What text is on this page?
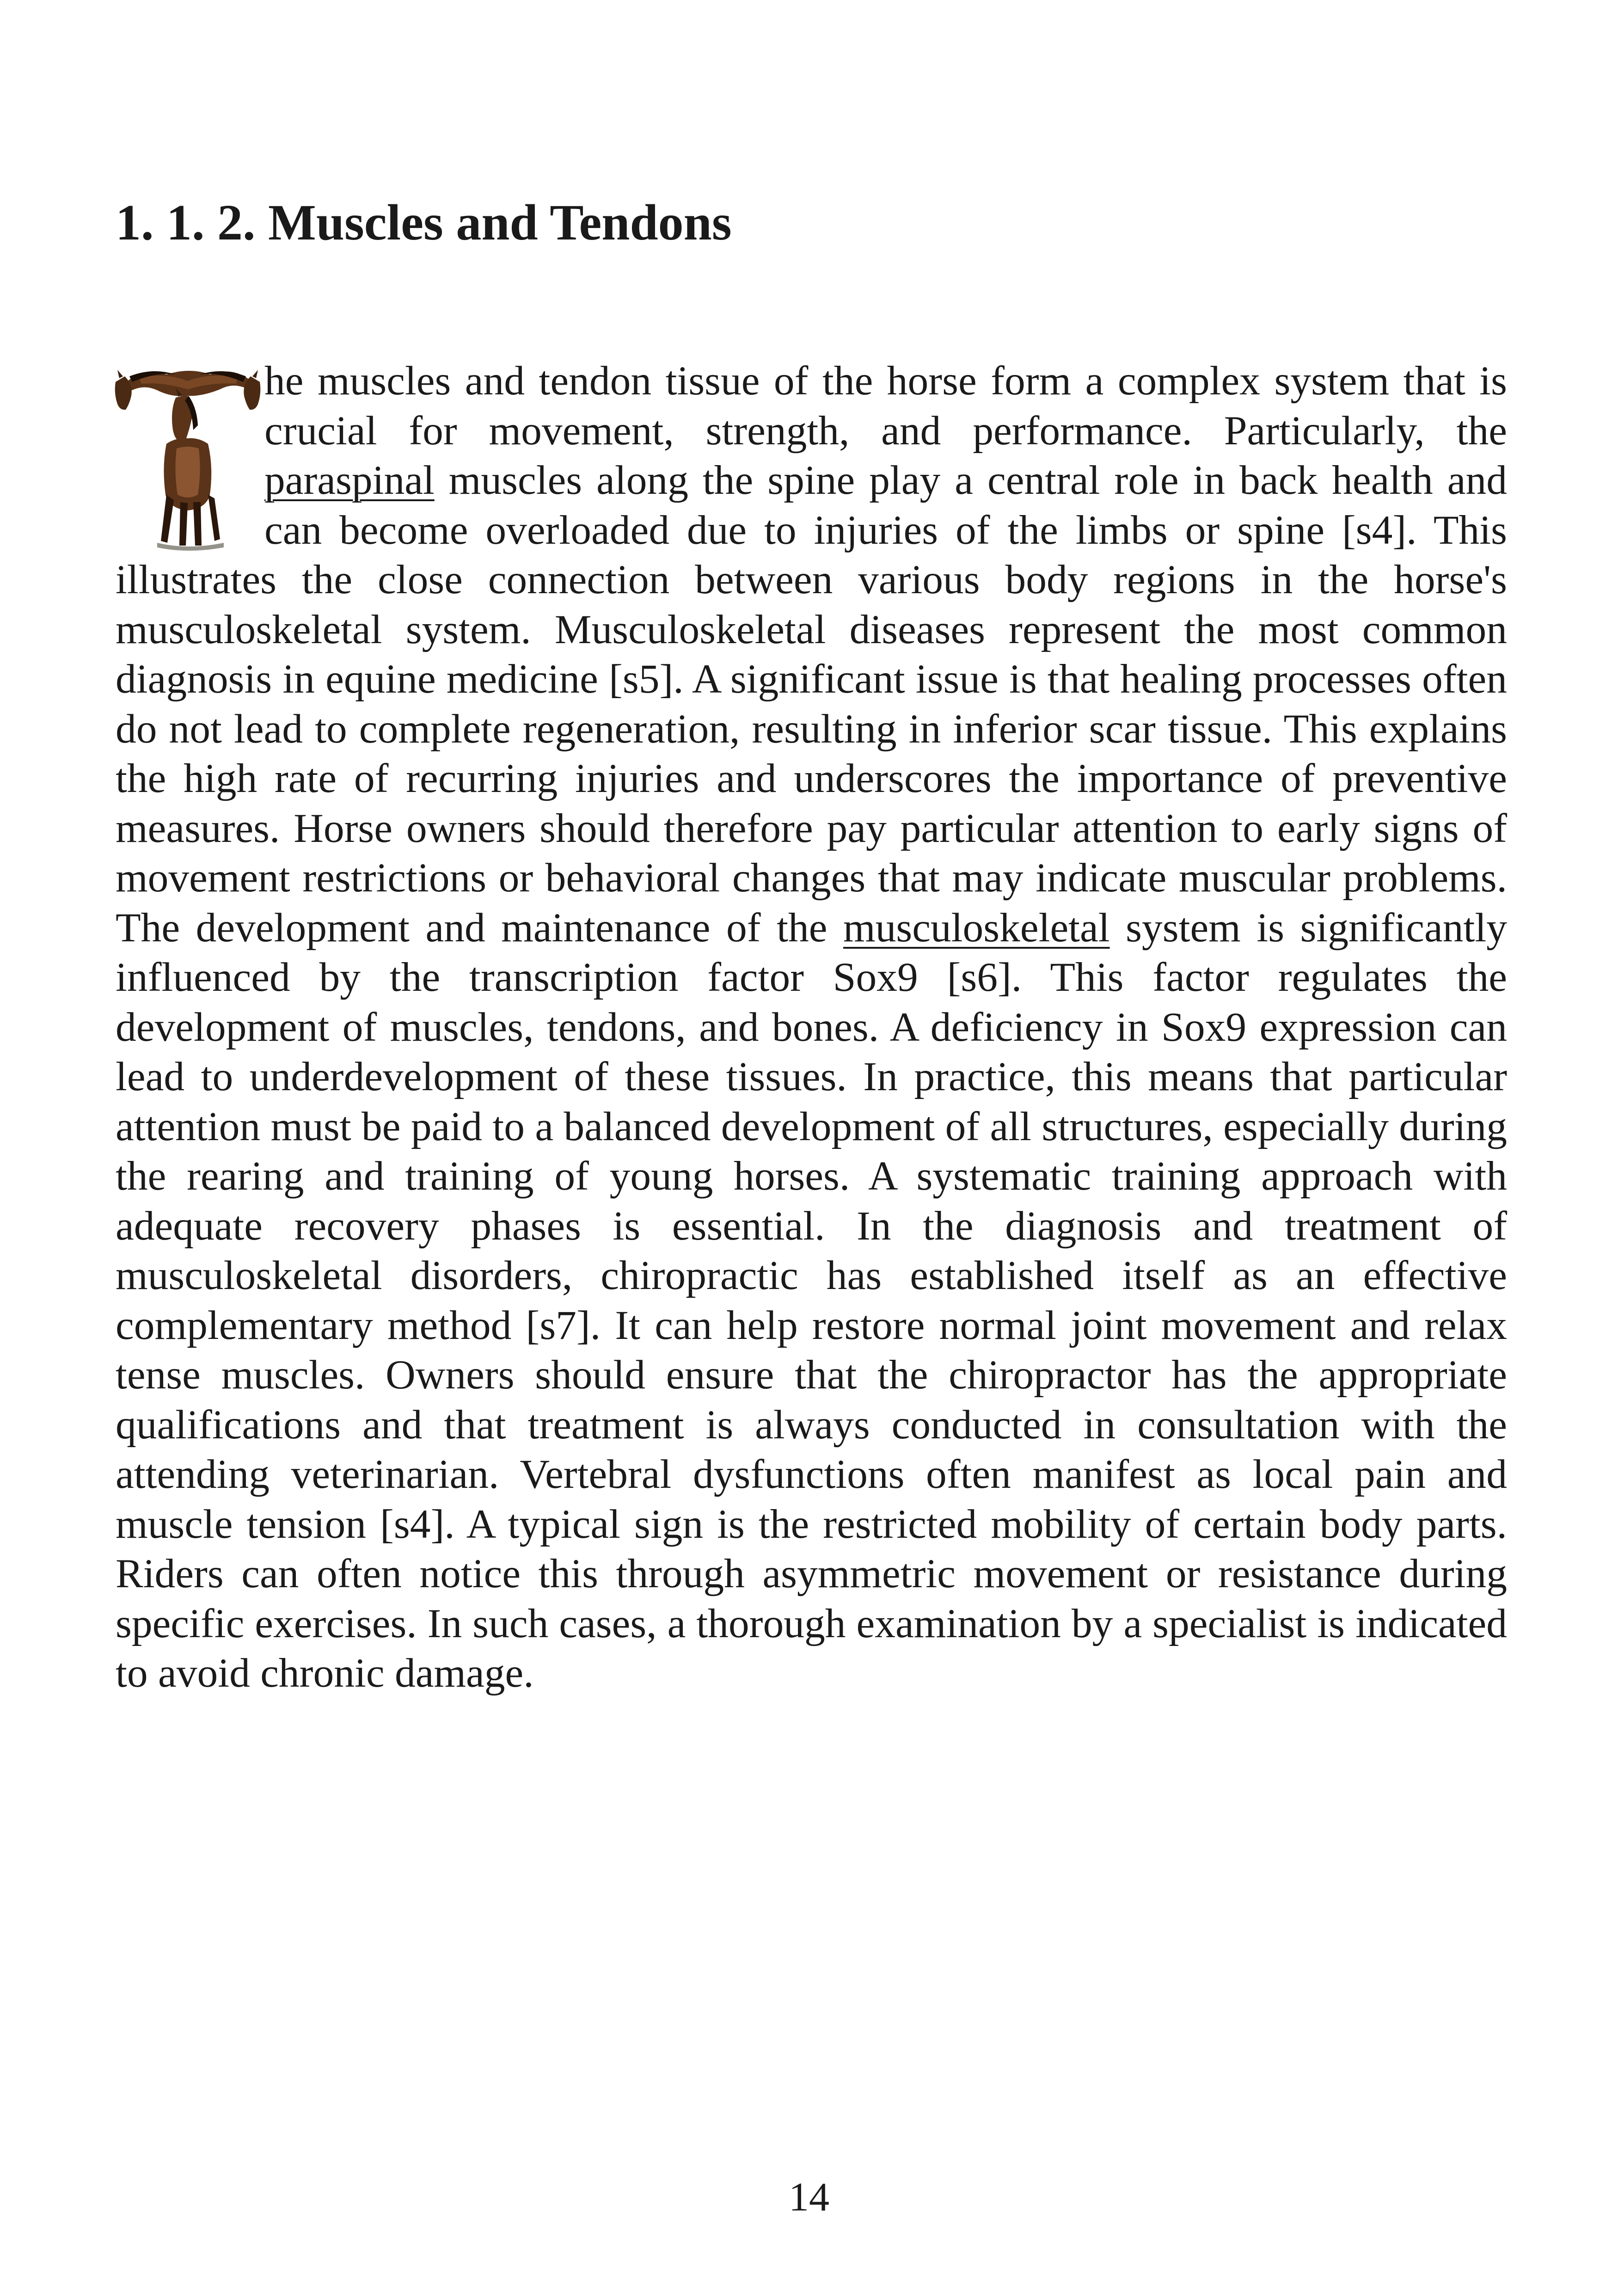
1. 1. 2. Muscles and Tendons

he muscles and tendon tissue of the horse form a complex system that is crucial for movement, strength, and performance. Particularly, the paraspinal muscles along the spine play a central role in back health and can become overloaded due to injuries of the limbs or spine [s4]. This illustrates the close connection between various body regions in the horse's musculoskeletal system. Musculoskeletal diseases represent the most common diagnosis in equine medicine [s5]. A significant issue is that healing processes often do not lead to complete regeneration, resulting in inferior scar tissue. This explains the high rate of recurring injuries and underscores the importance of preventive measures. Horse owners should therefore pay particular attention to early signs of movement restrictions or behavioral changes that may indicate muscular problems. The development and maintenance of the musculoskeletal system is significantly influenced by the transcription factor Sox9 [s6]. This factor regulates the development of muscles, tendons, and bones. A deficiency in Sox9 expression can lead to underdevelopment of these tissues. In practice, this means that particular attention must be paid to a balanced development of all structures, especially during the rearing and training of young horses. A systematic training approach with adequate recovery phases is essential. In the diagnosis and treatment of musculoskeletal disorders, chiropractic has established itself as an effective complementary method [s7]. It can help restore normal joint movement and relax tense muscles. Owners should ensure that the chiropractor has the appropriate qualifications and that treatment is always conducted in consultation with the attending veterinarian. Vertebral dysfunctions often manifest as local pain and muscle tension [s4]. A typical sign is the restricted mobility of certain body parts. Riders can often notice this through asymmetric movement or resistance during specific exercises. In such cases, a thorough examination by a specialist is indicated to avoid chronic damage.

14
